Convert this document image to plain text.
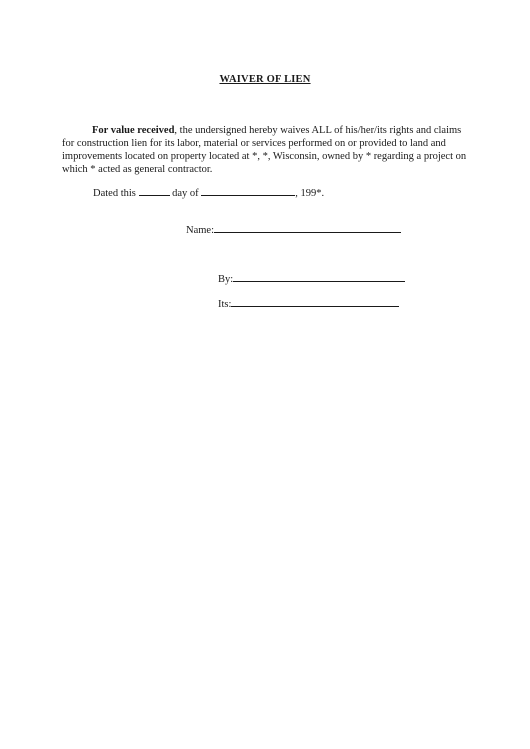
WAIVER OF LIEN
For value received, the undersigned hereby waives ALL of his/her/its rights and claims for construction lien for its labor, material or services performed on or provided to land and improvements located on property located at *, *, Wisconsin, owned by * regarding a project on which * acted as general contractor.
Dated this	day of	, 199*.
Name:
By:
Its:
